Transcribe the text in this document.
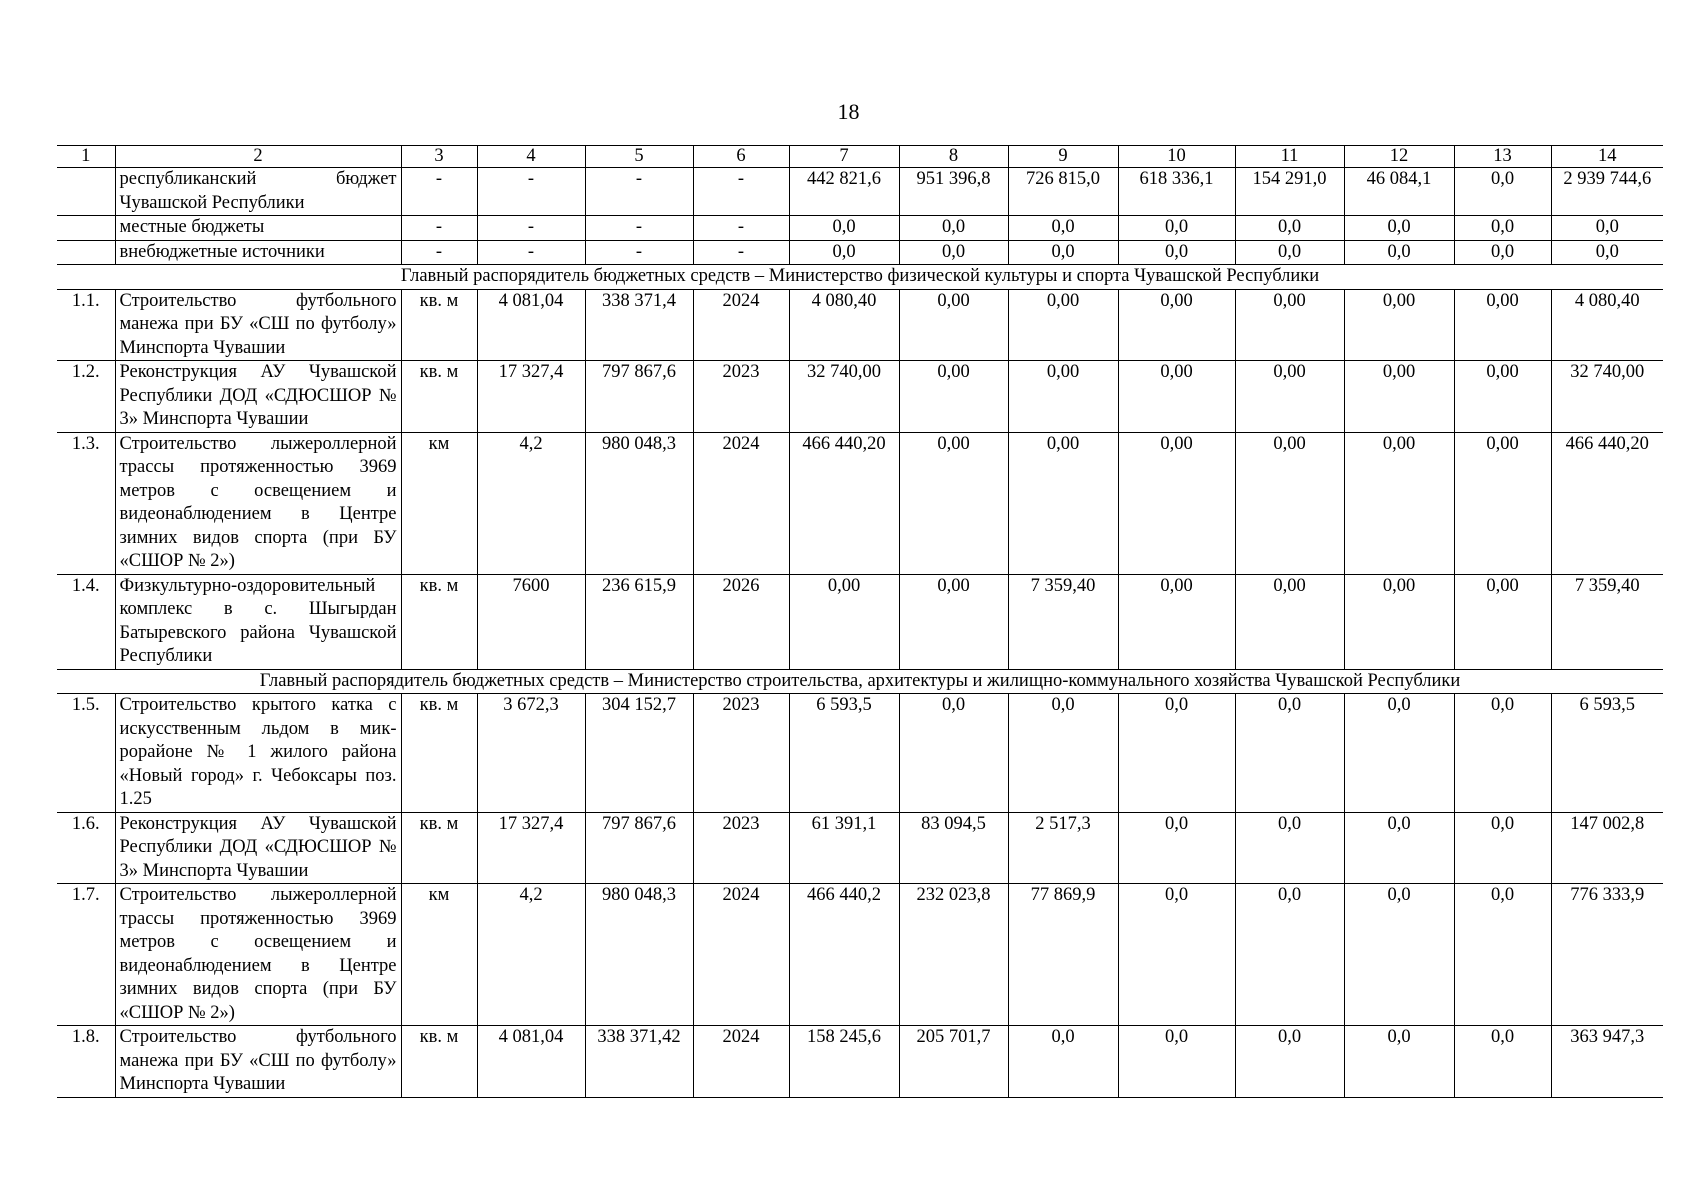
18
1	2	3	4	5	6	7	8	9	10	11	12	13	14
	республиканский бюджет Чувашской Республики	-	-	-	-	442 821,6	951 396,8	726 815,0	618 336,1	154 291,0	46 084,1	0,0	2 939 744,6
	местные бюджеты	-	-	-	-	0,0	0,0	0,0	0,0	0,0	0,0	0,0	0,0
	внебюджетные источники	-	-	-	-	0,0	0,0	0,0	0,0	0,0	0,0	0,0	0,0
Главный распорядитель бюджетных средств – Министерство физической культуры и спорта Чувашской Республики													
1.1.	Строительство футбольного манежа при БУ «СШ по футболу» Минспорта Чувашии	кв. м	4 081,04	338 371,4	2024	4 080,40	0,00	0,00	0,00	0,00	0,00	0,00	4 080,40
1.2.	Реконструкция АУ Чувашской Республики ДОД «СДЮСШОР № 3» Минспорта Чувашии	кв. м	17 327,4	797 867,6	2023	32 740,00	0,00	0,00	0,00	0,00	0,00	0,00	32 740,00
1.3.	Строительство лыжероллерной трассы протяженностью 3969 метров с освещением и видеонаблюдением в Центре зимних видов спорта (при БУ «СШОР № 2»)	км	4,2	980 048,3	2024	466 440,20	0,00	0,00	0,00	0,00	0,00	0,00	466 440,20
1.4.	Физкультурно-оздоровительный комплекс в с. Шыгырдан Батыревского района Чувашской Республики	кв. м	7600	236 615,9	2026	0,00	0,00	7 359,40	0,00	0,00	0,00	0,00	7 359,40
Главный распорядитель бюджетных средств – Министерство строительства, архитектуры и жилищно-коммунального хозяйства Чувашской Республики													
1.5.	Строительство крытого катка с искусственным льдом в микрорайоне № 1 жилого района «Новый город» г. Чебоксары поз. 1.25	кв. м	3 672,3	304 152,7	2023	6 593,5	0,0	0,0	0,0	0,0	0,0	0,0	6 593,5
1.6.	Реконструкция АУ Чувашской Республики ДОД «СДЮСШОР № 3» Минспорта Чувашии	кв. м	17 327,4	797 867,6	2023	61 391,1	83 094,5	2 517,3	0,0	0,0	0,0	0,0	147 002,8
1.7.	Строительство лыжероллерной трассы протяженностью 3969 метров с освещением и видеонаблюдением в Центре зимних видов спорта (при БУ «СШОР № 2»)	км	4,2	980 048,3	2024	466 440,2	232 023,8	77 869,9	0,0	0,0	0,0	0,0	776 333,9
1.8.	Строительство футбольного манежа при БУ «СШ по футболу» Минспорта Чувашии	кв. м	4 081,04	338 371,42	2024	158 245,6	205 701,7	0,0	0,0	0,0	0,0	0,0	363 947,3
